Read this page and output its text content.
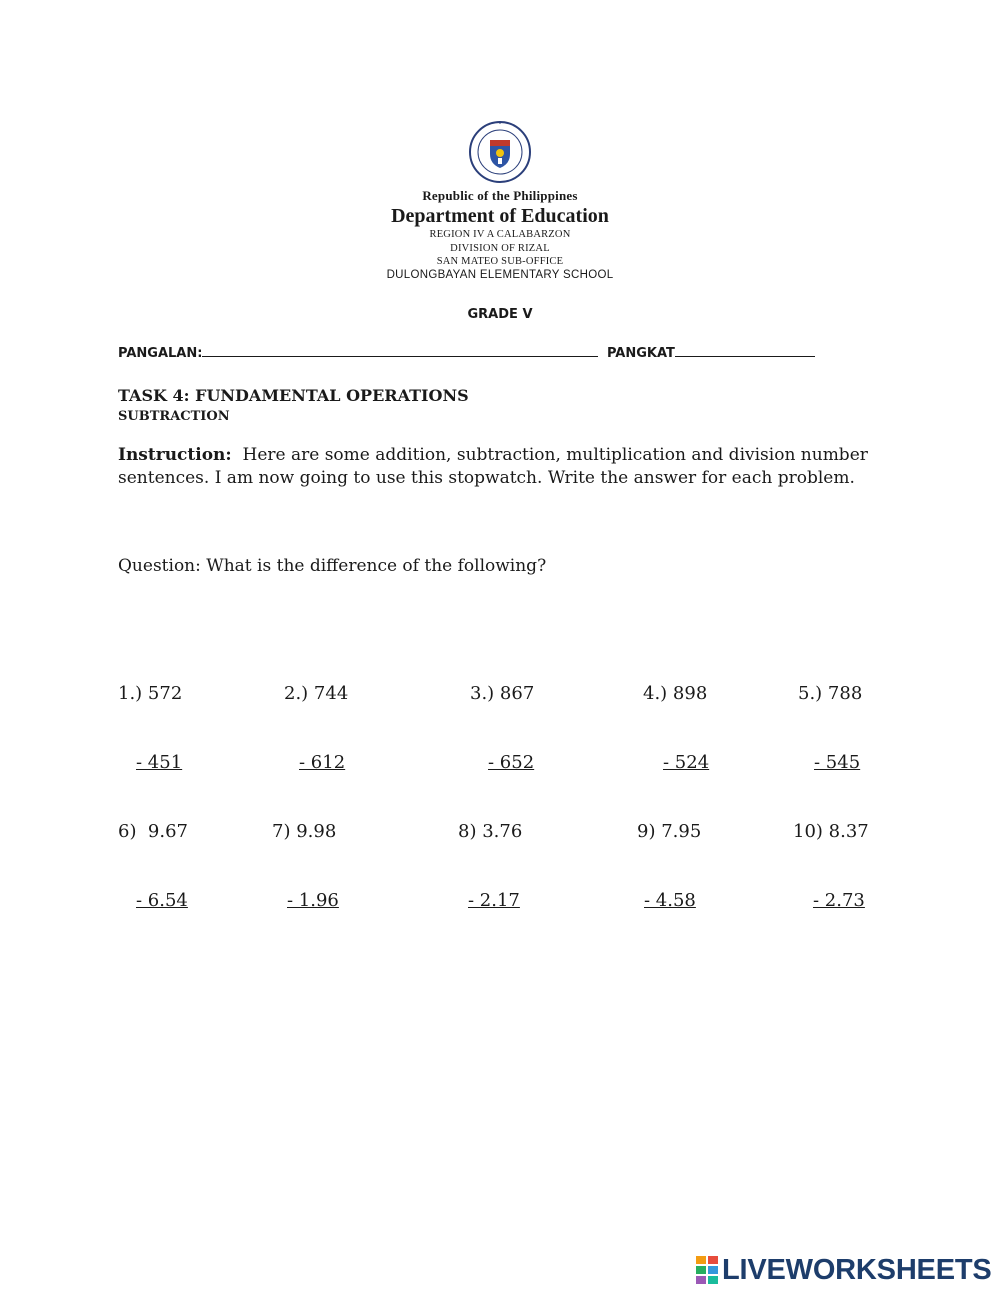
Republic of the Philippines
Department of Education
REGION IV A CALABARZON
DIVISION OF RIZAL
SAN MATEO SUB-OFFICE
DULONGBAYAN ELEMENTARY SCHOOL
GRADE V
PANGALAN:	PANGKAT
TASK 4: FUNDAMENTAL OPERATIONS
SUBTRACTION
Instruction: Here are some addition, subtraction, multiplication and division number sentences. I am now going to use this stopwatch. Write the answer for each problem.
Question: What is the difference of the following?

1.) 572

- 451

2.) 744

- 612

3.) 867

- 652

4.) 898

- 524

5.) 788

- 545

6)  9.67

- 6.54

7) 9.98

- 1.96

8) 3.76

- 2.17

9) 7.95

- 4.58

10) 8.37

- 2.73

LIVEWORKSHEETS
